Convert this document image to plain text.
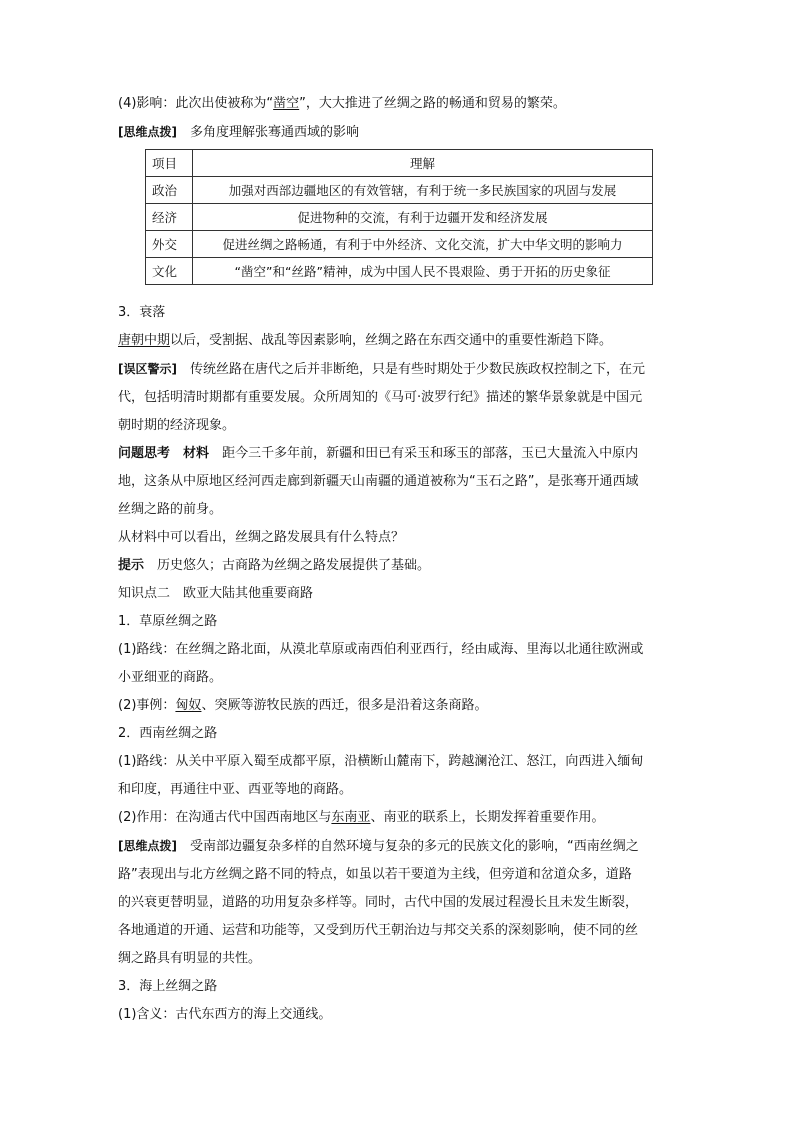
(4)影响：此次出使被称为“凿空”，大大推进了丝绸之路的畅通和贸易的繁荣。

[思维点拨]　 多角度理解张骞通西域的影响

项目	理解
政治	加强对西部边疆地区的有效管辖，有利于统一多民族国家的巩固与发展
经济	促进物种的交流，有利于边疆开发和经济发展
外交	促进丝绸之路畅通，有利于中外经济、文化交流，扩大中华文明的影响力
文化	“凿空”和“丝路”精神，成为中国人民不畏艰险、勇于开拓的历史象征

3．衰落

唐朝中期以后，受割据、战乱等因素影响，丝绸之路在东西交通中的重要性渐趋下降。

[误区警示]　 传统丝路在唐代之后并非断绝，只是有些时期处于少数民族政权控制之下，在元

代，包括明清时期都有重要发展。众所周知的《马可·波罗行纪》描述的繁华景象就是中国元

朝时期的经济现象。

问题思考　 材料　 距今三千多年前，新疆和田已有采玉和琢玉的部落，玉已大量流入中原内

地，这条从中原地区经河西走廊到新疆天山南疆的通道被称为“玉石之路”，是张骞开通西域

丝绸之路的前身。

从材料中可以看出，丝绸之路发展具有什么特点？

提示　 历史悠久；古商路为丝绸之路发展提供了基础。

知识点二　欧亚大陆其他重要商路

1．草原丝绸之路

(1)路线：在丝绸之路北面，从漠北草原或南西伯利亚西行，经由咸海、里海以北通往欧洲或

小亚细亚的商路。

(2)事例：匈奴、突厥等游牧民族的西迁，很多是沿着这条商路。

2．西南丝绸之路

(1)路线：从关中平原入蜀至成都平原，沿横断山麓南下，跨越澜沧江、怒江，向西进入缅甸

和印度，再通往中亚、西亚等地的商路。

(2)作用：在沟通古代中国西南地区与东南亚、南亚的联系上，长期发挥着重要作用。

[思维点拨]　 受南部边疆复杂多样的自然环境与复杂的多元的民族文化的影响，“西南丝绸之

路”表现出与北方丝绸之路不同的特点，如虽以若干要道为主线，但旁道和岔道众多，道路

的兴衰更替明显，道路的功用复杂多样等。同时，古代中国的发展过程漫长且未发生断裂，

各地通道的开通、运营和功能等，又受到历代王朝治边与邦交关系的深刻影响，使不同的丝

绸之路具有明显的共性。

3．海上丝绸之路

(1)含义：古代东西方的海上交通线。
